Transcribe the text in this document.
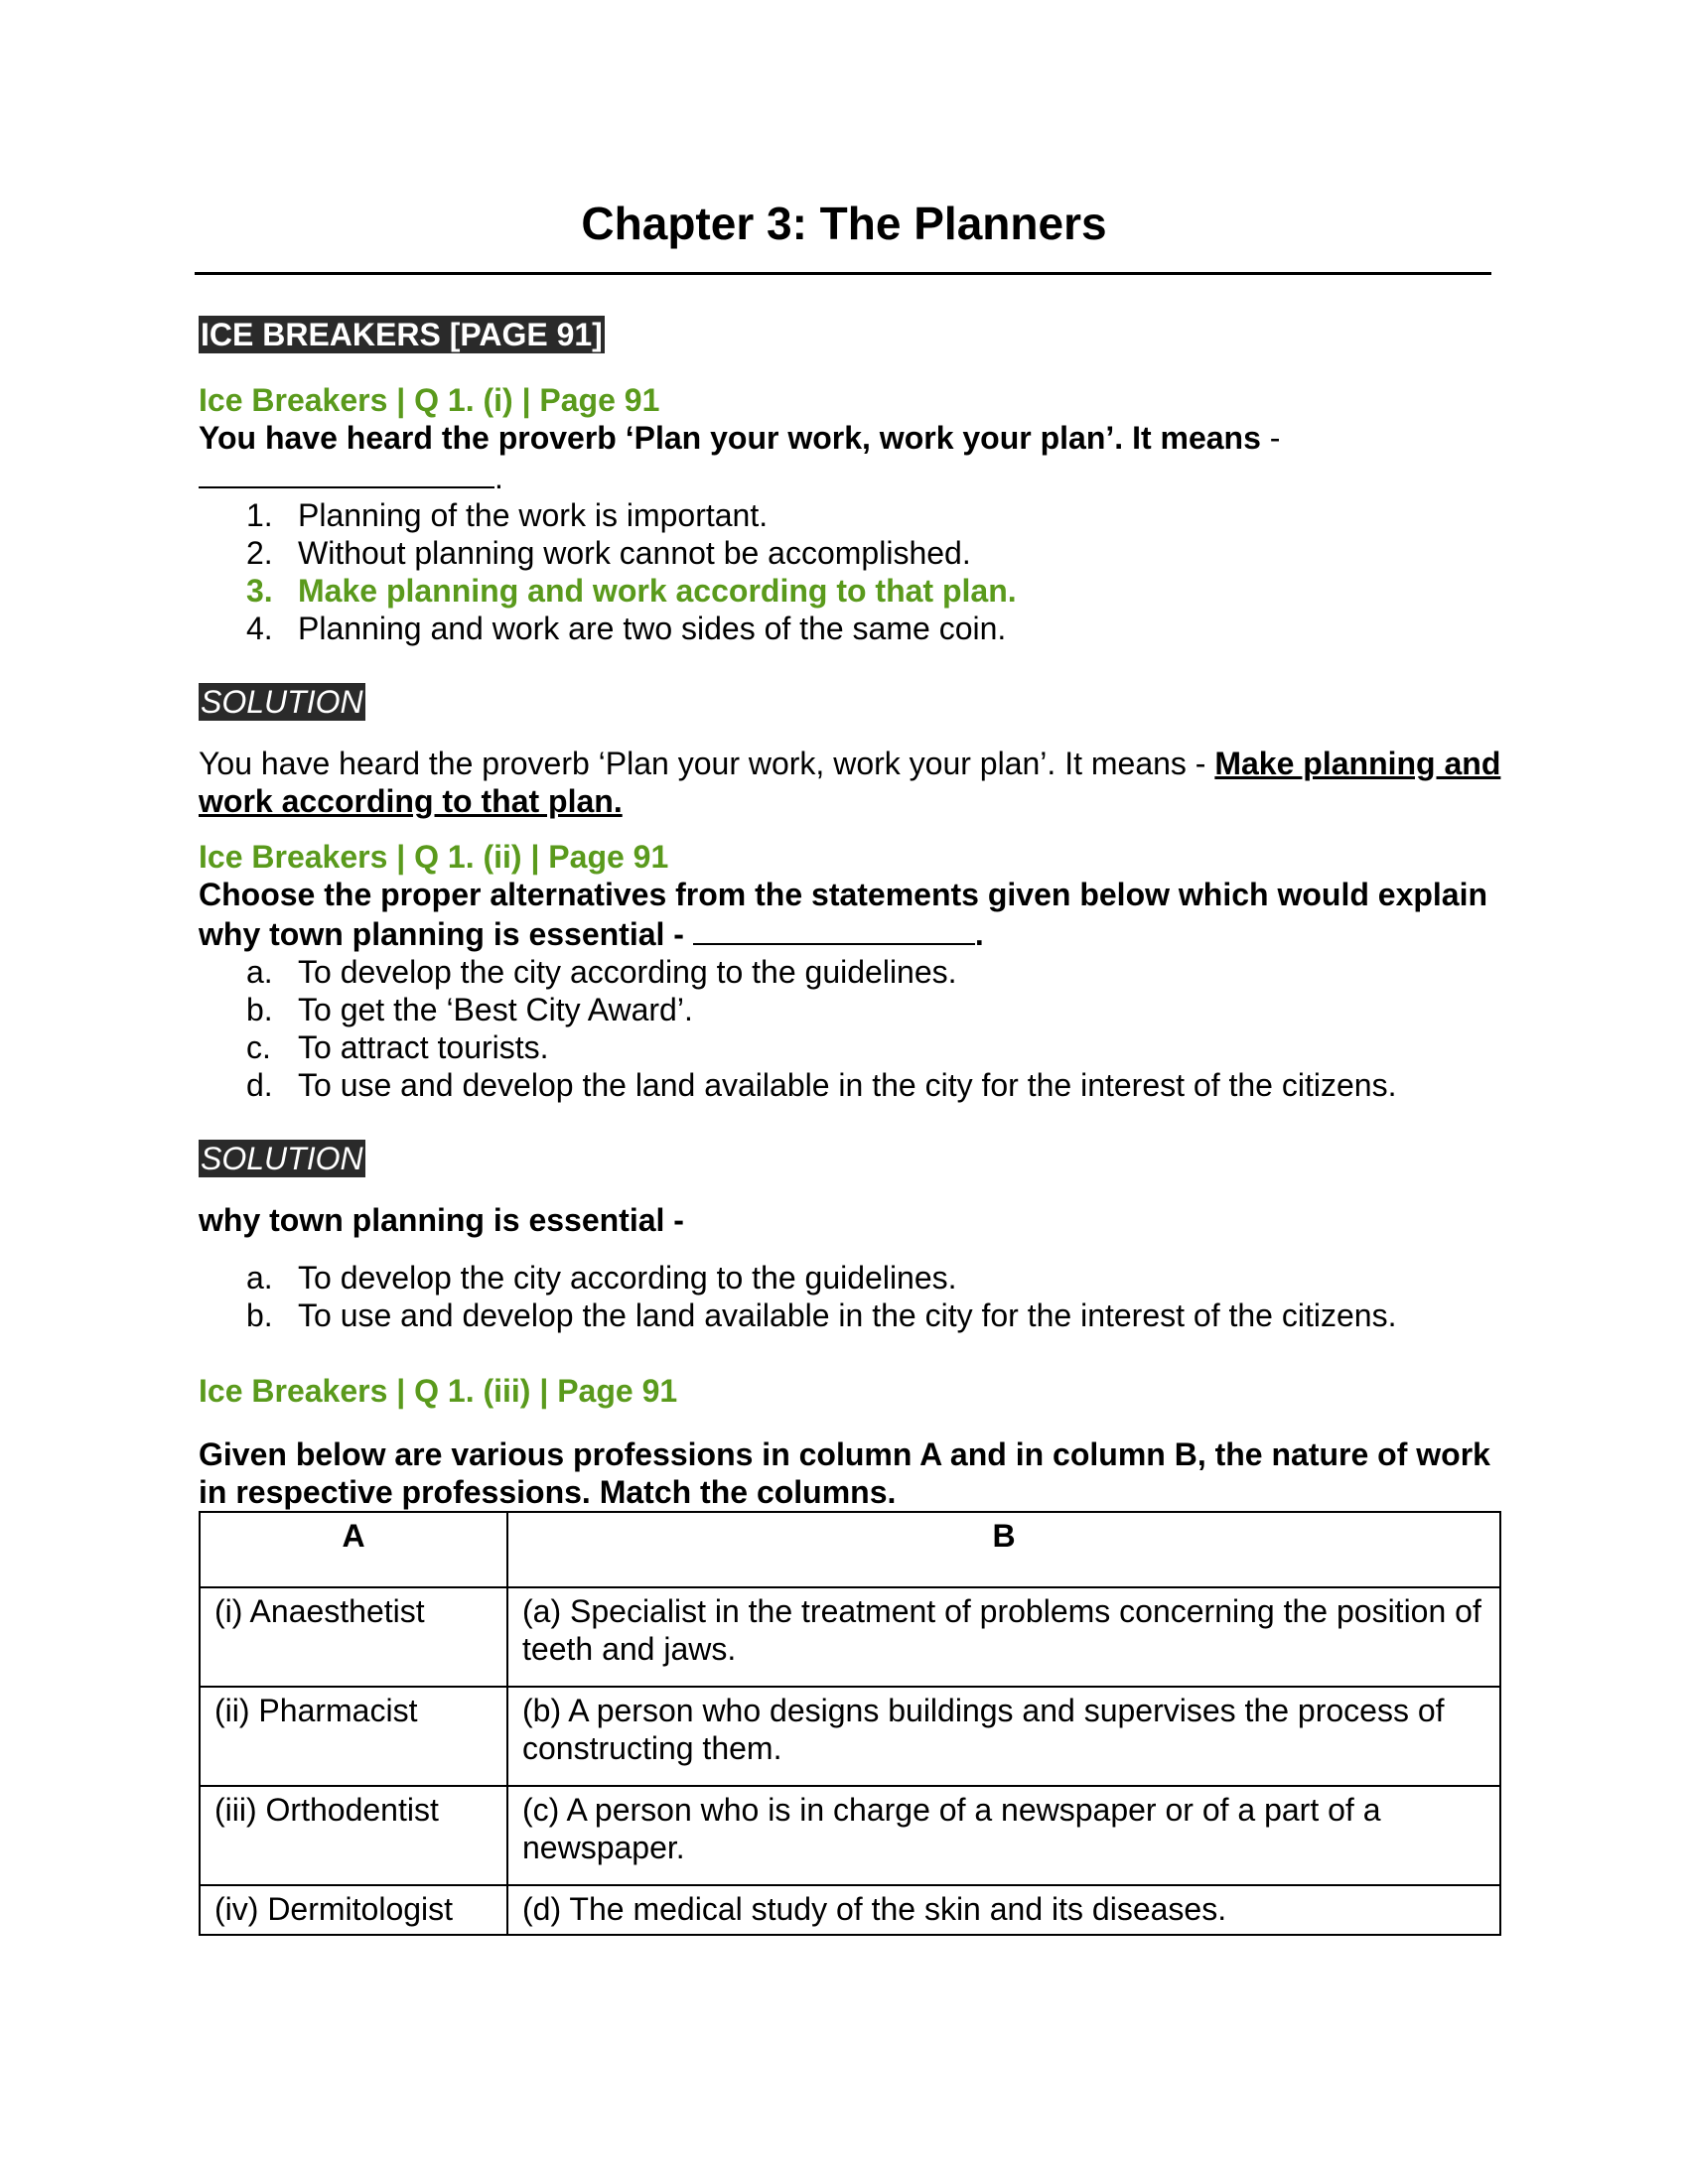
Chapter 3: The Planners
ICE BREAKERS [PAGE 91]

Ice Breakers | Q 1. (i) | Page 91

You have heard the proverb ‘Plan your work, work your plan’. It means -

.
1. Planning of the work is important.
2. Without planning work cannot be accomplished.
3. Make planning and work according to that plan.
4. Planning and work are two sides of the same coin.
SOLUTION

You have heard the proverb ‘Plan your work, work your plan’. It means - Make planning and work according to that plan.

Ice Breakers | Q 1. (ii) | Page 91

Choose the proper alternatives from the statements given below which would explain why town planning is essential -	.

a. To develop the city according to the guidelines.
b. To get the ‘Best City Award’.
c. To attract tourists.
d. To use and develop the land available in the city for the interest of the citizens.
SOLUTION

why town planning is essential -

a. To develop the city according to the guidelines.
b. To use and develop the land available in the city for the interest of the citizens.

Ice Breakers | Q 1. (iii) | Page 91

Given below are various professions in column A and in column B, the nature of work in respective professions. Match the columns.

A	B
(i) Anaesthetist	(a) Specialist in the treatment of problems concerning the position of teeth and jaws.
(ii) Pharmacist	(b) A person who designs buildings and supervises the process of constructing them.
(iii) Orthodentist	(c) A person who is in charge of a newspaper or of a part of a newspaper.
(iv) Dermitologist	(d) The medical study of the skin and its diseases.
